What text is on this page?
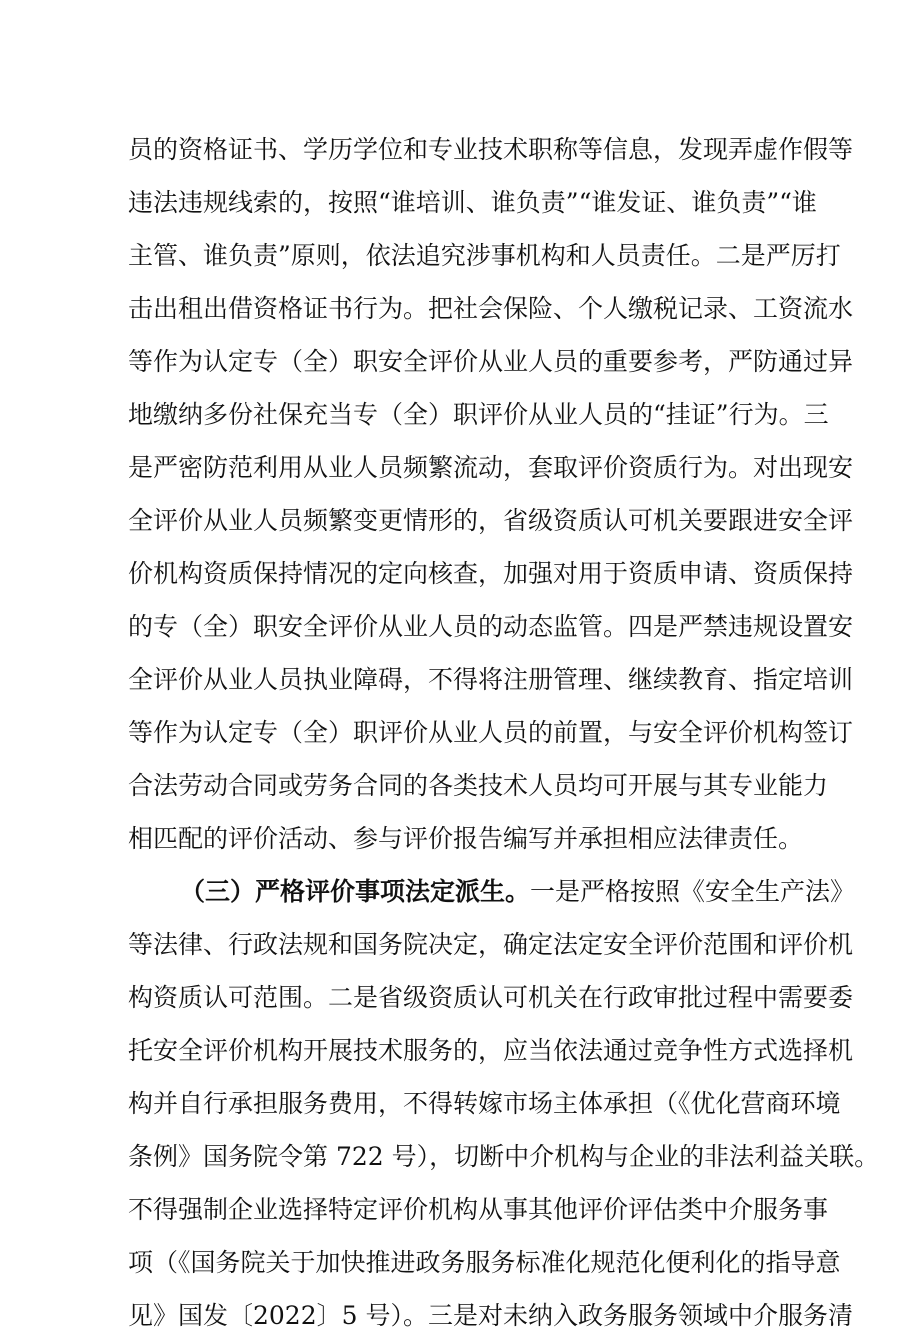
员的资格证书、学历学位和专业技术职称等信息，发现弄虚作假等
违法违规线索的，按照“谁培训、谁负责”“谁发证、谁负责”“谁
主管、谁负责”原则，依法追究涉事机构和人员责任。二是严厉打
击出租出借资格证书行为。把社会保险、个人缴税记录、工资流水
等作为认定专（全）职安全评价从业人员的重要参考，严防通过异
地缴纳多份社保充当专（全）职评价从业人员的“挂证”行为。三
是严密防范利用从业人员频繁流动，套取评价资质行为。对出现安
全评价从业人员频繁变更情形的，省级资质认可机关要跟进安全评
价机构资质保持情况的定向核查，加强对用于资质申请、资质保持
的专（全）职安全评价从业人员的动态监管。四是严禁违规设置安
全评价从业人员执业障碍，不得将注册管理、继续教育、指定培训
等作为认定专（全）职评价从业人员的前置，与安全评价机构签订
合法劳动合同或劳务合同的各类技术人员均可开展与其专业能力
相匹配的评价活动、参与评价报告编写并承担相应法律责任。
（三）严格评价事项法定派生。一是严格按照《安全生产法》
等法律、行政法规和国务院决定，确定法定安全评价范围和评价机
构资质认可范围。二是省级资质认可机关在行政审批过程中需要委
托安全评价机构开展技术服务的，应当依法通过竞争性方式选择机
构并自行承担服务费用，不得转嫁市场主体承担（《优化营商环境
条例》国务院令第 722 号），切断中介机构与企业的非法利益关联。
不得强制企业选择特定评价机构从事其他评价评估类中介服务事
项（《国务院关于加快推进政务服务标准化规范化便利化的指导意
见》国发〔2022〕5 号）。三是对未纳入政务服务领域中介服务清
